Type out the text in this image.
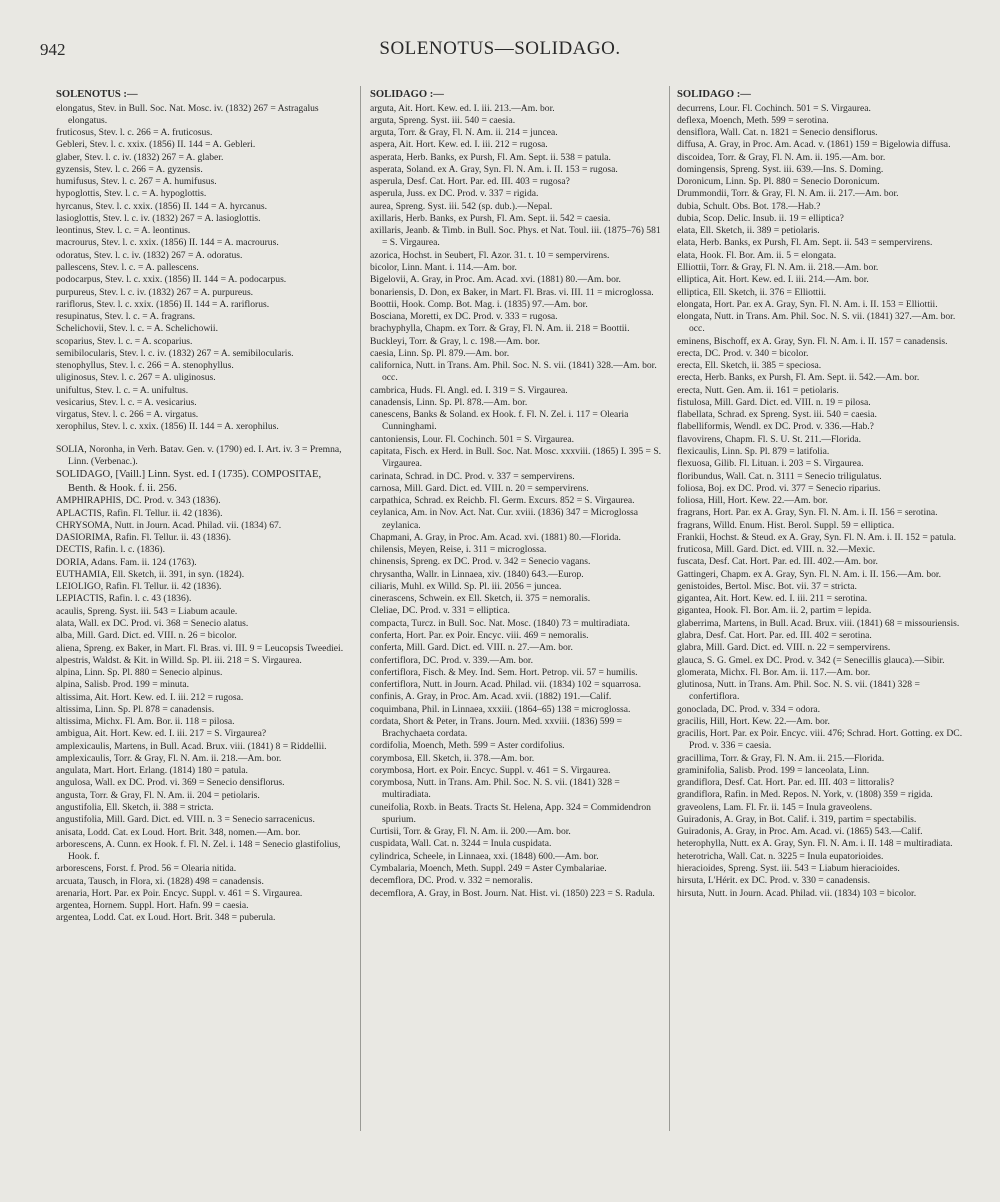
942	SOLENOTUS—SOLIDAGO.
SOLENOTUS :—
elongatus, Stev. in Bull. Soc. Nat. Mosc. iv. (1832) 267 = Astragalus elongatus.
fruticosus, Stev. l. c. 266 = A. fruticosus.
Gebleri, Stev. l. c. xxix. (1856) II. 144 = A. Gebleri.
glaber, Stev. l. c. iv. (1832) 267 = A. glaber.
gyzensis, Stev. l. c. 266 = A. gyzensis.
humifusus, Stev. l. c. 267 = A. humifusus.
hypoglottis, Stev. l. c. = A. hypoglottis.
hyrcanus, Stev. l. c. xxix. (1856) II. 144 = A. hyrcanus.
lasioglottis, Stev. l. c. iv. (1832) 267 = A. lasioglottis.
leontinus, Stev. l. c. = A. leontinus.
macrourus, Stev. l. c. xxix. (1856) II. 144 = A. macrourus.
odoratus, Stev. l. c. iv. (1832) 267 = A. odoratus.
pallescens, Stev. l. c. = A. pallescens.
podocarpus, Stev. l. c. xxix. (1856) II. 144 = A. podocarpus.
purpureus, Stev. l. c. iv. (1832) 267 = A. purpureus.
rariflorus, Stev. l. c. xxix. (1856) II. 144 = A. rariflorus.
resupinatus, Stev. l. c. = A. fragrans.
Schelichovii, Stev. l. c. = A. Schelichowii.
scoparius, Stev. l. c. = A. scoparius.
semibilocularis, Stev. l. c. iv. (1832) 267 = A. semibilocularis.
stenophyllus, Stev. l. c. 266 = A. stenophyllus.
uliginosus, Stev. l. c. 267 = A. uliginosus.
unifultus, Stev. l. c. = A. unifultus.
vesicarius, Stev. l. c. = A. vesicarius.
virgatus, Stev. l. c. 266 = A. virgatus.
xerophilus, Stev. l. c. xxix. (1856) II. 144 = A. xerophilus.
SOLIA, Noronha, in Verh. Batav. Gen. v. (1790) ed. I. Art. iv. 3 = Premna, Linn. (Verbenac.).
SOLIDAGO, [Vaill.] Linn. Syst. ed. I (1735). COMPOSITAE, Benth. & Hook. f. ii. 256.
AMPHIRAPHIS, DC. Prod. v. 343 (1836).
APLACTIS, Rafin. Fl. Tellur. ii. 42 (1836).
CHRYSOMA, Nutt. in Journ. Acad. Philad. vii. (1834) 67.
DASIORIMA, Rafin. Fl. Tellur. ii. 43 (1836).
DECTIS, Rafin. l. c. (1836).
DORIA, Adans. Fam. ii. 124 (1763).
EUTHAMIA, Ell. Sketch, ii. 391, in syn. (1824).
LEIOLIGO, Rafin. Fl. Tellur. ii. 42 (1836).
LEPIACTIS, Rafin. l. c. 43 (1836).
acaulis, Spreng. Syst. iii. 543 = Liabum acaule.
alata, Wall. ex DC. Prod. vi. 368 = Senecio alatus.
alba, Mill. Gard. Dict. ed. VIII. n. 26 = bicolor.
aliena, Spreng. ex Baker, in Mart. Fl. Bras. vi. III. 9 = Leucopsis Tweediei.
alpestris, Waldst. & Kit. in Willd. Sp. Pl. iii. 218 = S. Virgaurea.
alpina, Linn. Sp. Pl. 880 = Senecio alpinus.
alpina, Salisb. Prod. 199 = minuta.
altissima, Ait. Hort. Kew. ed. I. iii. 212 = rugosa.
altissima, Linn. Sp. Pl. 878 = canadensis.
altissima, Michx. Fl. Am. Bor. ii. 118 = pilosa.
ambigua, Ait. Hort. Kew. ed. I. iii. 217 = S. Virgaurea?
amplexicaulis, Martens, in Bull. Acad. Brux. viii. (1841) 8 = Riddellii.
amplexicaulis, Torr. & Gray, Fl. N. Am. ii. 218.—Am. bor.
angulata, Mart. Hort. Erlang. (1814) 180 = patula.
angulosa, Wall. ex DC. Prod. vi. 369 = Senecio densiflorus.
angusta, Torr. & Gray, Fl. N. Am. ii. 204 = petiolaris.
angustifolia, Ell. Sketch, ii. 388 = stricta.
angustifolia, Mill. Gard. Dict. ed. VIII. n. 3 = Senecio sarracenicus.
anisata, Lodd. Cat. ex Loud. Hort. Brit. 348, nomen.—Am. bor.
arborescens, A. Cunn. ex Hook. f. Fl. N. Zel. i. 148 = Senecio glastifolius, Hook. f.
arborescens, Forst. f. Prod. 56 = Olearia nitida.
arcuata, Tausch, in Flora, xi. (1828) 498 = canadensis.
arenaria, Hort. Par. ex Poir. Encyc. Suppl. v. 461 = S. Virgaurea.
argentea, Hornem. Suppl. Hort. Hafn. 99 = caesia.
argentea, Lodd. Cat. ex Loud. Hort. Brit. 348 = puberula.
SOLIDAGO :—
arguta, Ait. Hort. Kew. ed. I. iii. 213.—Am. bor.
arguta, Spreng. Syst. iii. 540 = caesia.
arguta, Torr. & Gray, Fl. N. Am. ii. 214 = juncea.
aspera, Ait. Hort. Kew. ed. I. iii. 212 = rugosa.
asperata, Herb. Banks, ex Pursh, Fl. Am. Sept. ii. 538 = patula.
asperata, Soland. ex A. Gray, Syn. Fl. N. Am. i. II. 153 = rugosa.
asperula, Desf. Cat. Hort. Par. ed. III. 403 = rugosa?
asperula, Juss. ex DC. Prod. v. 337 = rigida.
aurea, Spreng. Syst. iii. 542 (sp. dub.).—Nepal.
axillaris, Herb. Banks, ex Pursh, Fl. Am. Sept. ii. 542 = caesia.
axillaris, Jeanb. & Timb. in Bull. Soc. Phys. et Nat. Toul. iii. (1875–76) 581 = S. Virgaurea.
azorica, Hochst. in Seubert, Fl. Azor. 31. t. 10 = sempervirens.
bicolor, Linn. Mant. i. 114.—Am. bor.
Bigelovii, A. Gray, in Proc. Am. Acad. xvi. (1881) 80.—Am. bor.
bonariensis, D. Don, ex Baker, in Mart. Fl. Bras. vi. III. 11 = microglossa.
Boottii, Hook. Comp. Bot. Mag. i. (1835) 97.—Am. bor.
Bosciana, Moretti, ex DC. Prod. v. 333 = rugosa.
brachyphylla, Chapm. ex Torr. & Gray, Fl. N. Am. ii. 218 = Boottii.
Buckleyi, Torr. & Gray, l. c. 198.—Am. bor.
caesia, Linn. Sp. Pl. 879.—Am. bor.
californica, Nutt. in Trans. Am. Phil. Soc. N. S. vii. (1841) 328.—Am. bor. occ.
cambrica, Huds. Fl. Angl. ed. I. 319 = S. Virgaurea.
canadensis, Linn. Sp. Pl. 878.—Am. bor.
canescens, Banks & Soland. ex Hook. f. Fl. N. Zel. i. 117 = Olearia Cunninghami.
cantoniensis, Lour. Fl. Cochinch. 501 = S. Virgaurea.
capitata, Fisch. ex Herd. in Bull. Soc. Nat. Mosc. xxxviii. (1865) I. 395 = S. Virgaurea.
carinata, Schrad. in DC. Prod. v. 337 = sempervirens.
carnosa, Mill. Gard. Dict. ed. VIII. n. 20 = sempervirens.
carpathica, Schrad. ex Reichb. Fl. Germ. Excurs. 852 = S. Virgaurea.
ceylanica, Am. in Nov. Act. Nat. Cur. xviii. (1836) 347 = Microglossa zeylanica.
Chapmani, A. Gray, in Proc. Am. Acad. xvi. (1881) 80.—Florida.
chilensis, Meyen, Reise, i. 311 = microglossa.
chinensis, Spreng. ex DC. Prod. v. 342 = Senecio vagans.
chrysantha, Wallr. in Linnaea, xiv. (1840) 643.—Europ.
ciliaris, Muhl. ex Willd. Sp. Pl. iii. 2056 = juncea.
cinerascens, Schwein. ex Ell. Sketch, ii. 375 = nemoralis.
Cleliae, DC. Prod. v. 331 = elliptica.
compacta, Turcz. in Bull. Soc. Nat. Mosc. (1840) 73 = multiradiata.
conferta, Hort. Par. ex Poir. Encyc. viii. 469 = nemoralis.
conferta, Mill. Gard. Dict. ed. VIII. n. 27.—Am. bor.
confertiflora, DC. Prod. v. 339.—Am. bor.
confertiflora, Fisch. & Mey. Ind. Sem. Hort. Petrop. vii. 57 = humilis.
confertiflora, Nutt. in Journ. Acad. Philad. vii. (1834) 102 = squarrosa.
confinis, A. Gray, in Proc. Am. Acad. xvii. (1882) 191.—Calif.
coquimbana, Phil. in Linnaea, xxxiii. (1864–65) 138 = microglossa.
cordata, Short & Peter, in Trans. Journ. Med. xxviii. (1836) 599 = Brachychaeta cordata.
cordifolia, Moench, Meth. 599 = Aster cordifolius.
corymbosa, Ell. Sketch, ii. 378.—Am. bor.
corymbosa, Hort. ex Poir. Encyc. Suppl. v. 461 = S. Virgaurea.
corymbosa, Nutt. in Trans. Am. Phil. Soc. N. S. vii. (1841) 328 = multiradiata.
cuneifolia, Roxb. in Beats. Tracts St. Helena, App. 324 = Commidendron spurium.
Curtisii, Torr. & Gray, Fl. N. Am. ii. 200.—Am. bor.
cuspidata, Wall. Cat. n. 3244 = Inula cuspidata.
cylindrica, Scheele, in Linnaea, xxi. (1848) 600.—Am. bor.
Cymbalaria, Moench, Meth. Suppl. 249 = Aster Cymbalariae.
decemflora, DC. Prod. v. 332 = nemoralis.
decemflora, A. Gray, in Bost. Journ. Nat. Hist. vi. (1850) 223 = S. Radula.
SOLIDAGO :—
decurrens, Lour. Fl. Cochinch. 501 = S. Virgaurea.
deflexa, Moench, Meth. 599 = serotina.
densiflora, Wall. Cat. n. 1821 = Senecio densiflorus.
diffusa, A. Gray, in Proc. Am. Acad. v. (1861) 159 = Bigelowia diffusa.
discoidea, Torr. & Gray, Fl. N. Am. ii. 195.—Am. bor.
domingensis, Spreng. Syst. iii. 639.—Ins. S. Doming.
Doronicum, Linn. Sp. Pl. 880 = Senecio Doronicum.
Drummondii, Torr. & Gray, Fl. N. Am. ii. 217.—Am. bor.
dubia, Schult. Obs. Bot. 178.—Hab.?
dubia, Scop. Delic. Insub. ii. 19 = elliptica?
elata, Ell. Sketch, ii. 389 = petiolaris.
elata, Herb. Banks, ex Pursh, Fl. Am. Sept. ii. 543 = sempervirens.
elata, Hook. Fl. Bor. Am. ii. 5 = elongata.
Elliottii, Torr. & Gray, Fl. N. Am. ii. 218.—Am. bor.
elliptica, Ait. Hort. Kew. ed. I. iii. 214.—Am. bor.
elliptica, Ell. Sketch, ii. 376 = Elliottii.
elongata, Hort. Par. ex A. Gray, Syn. Fl. N. Am. i. II. 153 = Elliottii.
elongata, Nutt. in Trans. Am. Phil. Soc. N. S. vii. (1841) 327.—Am. bor. occ.
eminens, Bischoff, ex A. Gray, Syn. Fl. N. Am. i. II. 157 = canadensis.
erecta, DC. Prod. v. 340 = bicolor.
erecta, Ell. Sketch, ii. 385 = speciosa.
erecta, Herb. Banks, ex Pursh, Fl. Am. Sept. ii. 542.—Am. bor.
erecta, Nutt. Gen. Am. ii. 161 = petiolaris.
fistulosa, Mill. Gard. Dict. ed. VIII. n. 19 = pilosa.
flabellata, Schrad. ex Spreng. Syst. iii. 540 = caesia.
flabelliformis, Wendl. ex DC. Prod. v. 336.—Hab.?
flavovirens, Chapm. Fl. S. U. St. 211.—Florida.
flexicaulis, Linn. Sp. Pl. 879 = latifolia.
flexuosa, Gilib. Fl. Lituan. i. 203 = S. Virgaurea.
floribundus, Wall. Cat. n. 3111 = Senecio triligulatus.
foliosa, Boj. ex DC. Prod. vi. 377 = Senecio riparius.
foliosa, Hill, Hort. Kew. 22.—Am. bor.
fragrans, Hort. Par. ex A. Gray, Syn. Fl. N. Am. i. II. 156 = serotina.
fragrans, Willd. Enum. Hist. Berol. Suppl. 59 = elliptica.
Frankii, Hochst. & Steud. ex A. Gray, Syn. Fl. N. Am. i. II. 152 = patula.
fruticosa, Mill. Gard. Dict. ed. VIII. n. 32.—Mexic.
fuscata, Desf. Cat. Hort. Par. ed. III. 402.—Am. bor.
Gattingeri, Chapm. ex A. Gray, Syn. Fl. N. Am. i. II. 156.—Am. bor.
genistoides, Bertol. Misc. Bot. vii. 37 = stricta.
gigantea, Ait. Hort. Kew. ed. I. iii. 211 = serotina.
gigantea, Hook. Fl. Bor. Am. ii. 2, partim = lepida.
glaberrima, Martens, in Bull. Acad. Brux. viii. (1841) 68 = missouriensis.
glabra, Desf. Cat. Hort. Par. ed. III. 402 = serotina.
glabra, Mill. Gard. Dict. ed. VIII. n. 22 = sempervirens.
glauca, S. G. Gmel. ex DC. Prod. v. 342 (= Senecillis glauca).—Sibir.
glomerata, Michx. Fl. Bor. Am. ii. 117.—Am. bor.
glutinosa, Nutt. in Trans. Am. Phil. Soc. N. S. vii. (1841) 328 = confertiflora.
gonoclada, DC. Prod. v. 334 = odora.
gracilis, Hill, Hort. Kew. 22.—Am. bor.
gracilis, Hort. Par. ex Poir. Encyc. viii. 476; Schrad. Hort. Gotting. ex DC. Prod. v. 336 = caesia.
gracillima, Torr. & Gray, Fl. N. Am. ii. 215.—Florida.
graminifolia, Salisb. Prod. 199 = lanceolata, Linn.
grandiflora, Desf. Cat. Hort. Par. ed. III. 403 = littoralis?
grandiflora, Rafin. in Med. Repos. N. York, v. (1808) 359 = rigida.
graveolens, Lam. Fl. Fr. ii. 145 = Inula graveolens.
Guiradonis, A. Gray, in Bot. Calif. i. 319, partim = spectabilis.
Guiradonis, A. Gray, in Proc. Am. Acad. vi. (1865) 543.—Calif.
heterophylla, Nutt. ex A. Gray, Syn. Fl. N. Am. i. II. 148 = multiradiata.
heterotricha, Wall. Cat. n. 3225 = Inula eupatorioides.
hieracioides, Spreng. Syst. iii. 543 = Liabum hieracioides.
hirsuta, L'Hérit. ex DC. Prod. v. 330 = canadensis.
hirsuta, Nutt. in Journ. Acad. Philad. vii. (1834) 103 = bicolor.
